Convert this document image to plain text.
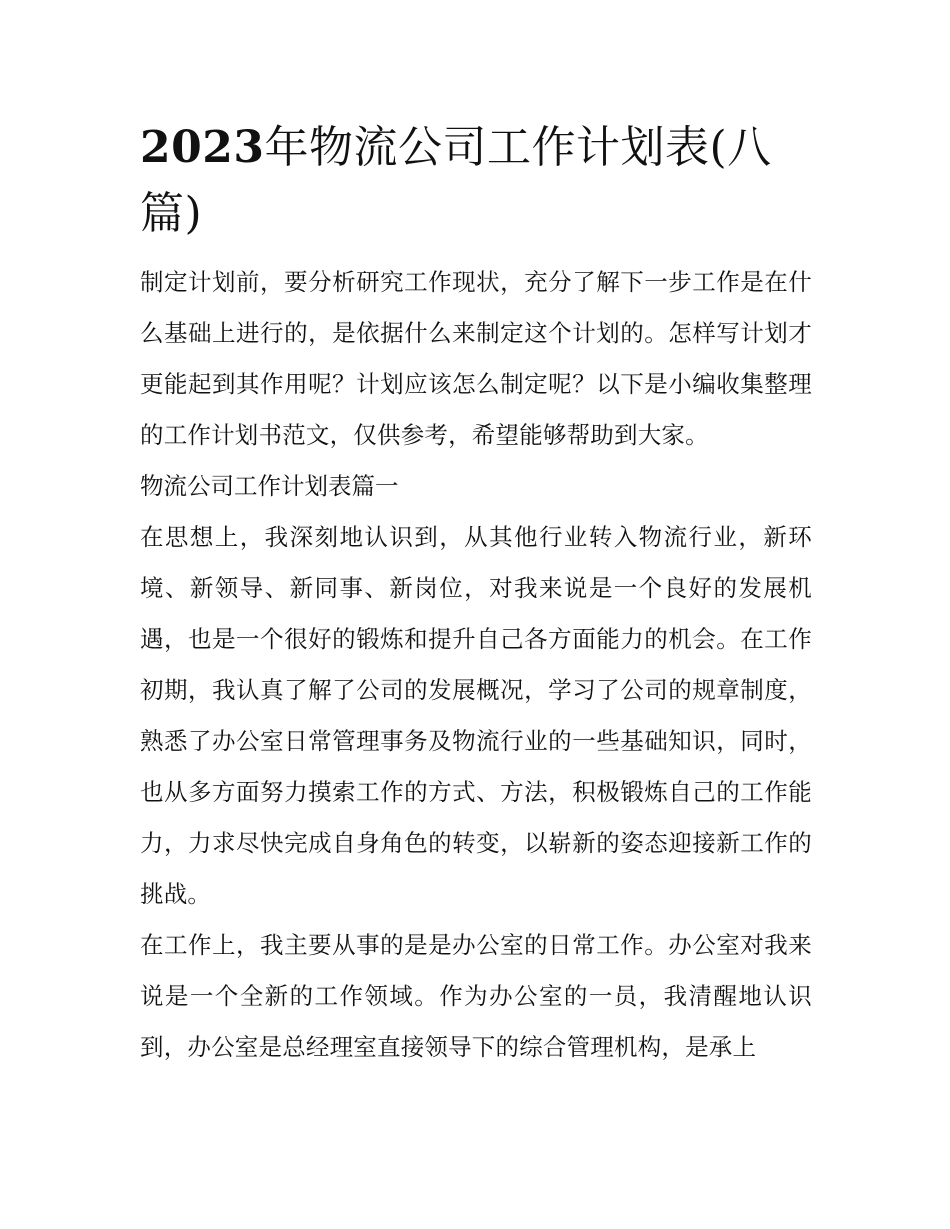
2023年物流公司工作计划表(八篇)

制定计划前，要分析研究工作现状，充分了解下一步工作是在什么基础上进行的，是依据什么来制定这个计划的。怎样写计划才更能起到其作用呢？计划应该怎么制定呢？以下是小编收集整理的工作计划书范文，仅供参考，希望能够帮助到大家。

物流公司工作计划表篇一

在思想上，我深刻地认识到，从其他行业转入物流行业，新环境、新领导、新同事、新岗位，对我来说是一个良好的发展机遇，也是一个很好的锻炼和提升自己各方面能力的机会。在工作初期，我认真了解了公司的发展概况，学习了公司的规章制度，熟悉了办公室日常管理事务及物流行业的一些基础知识，同时，也从多方面努力摸索工作的方式、方法，积极锻炼自己的工作能力，力求尽快完成自身角色的转变，以崭新的姿态迎接新工作的挑战。

在工作上，我主要从事的是是办公室的日常工作。办公室对我来说是一个全新的工作领域。作为办公室的一员，我清醒地认识到，办公室是总经理室直接领导下的综合管理机构，是承上
